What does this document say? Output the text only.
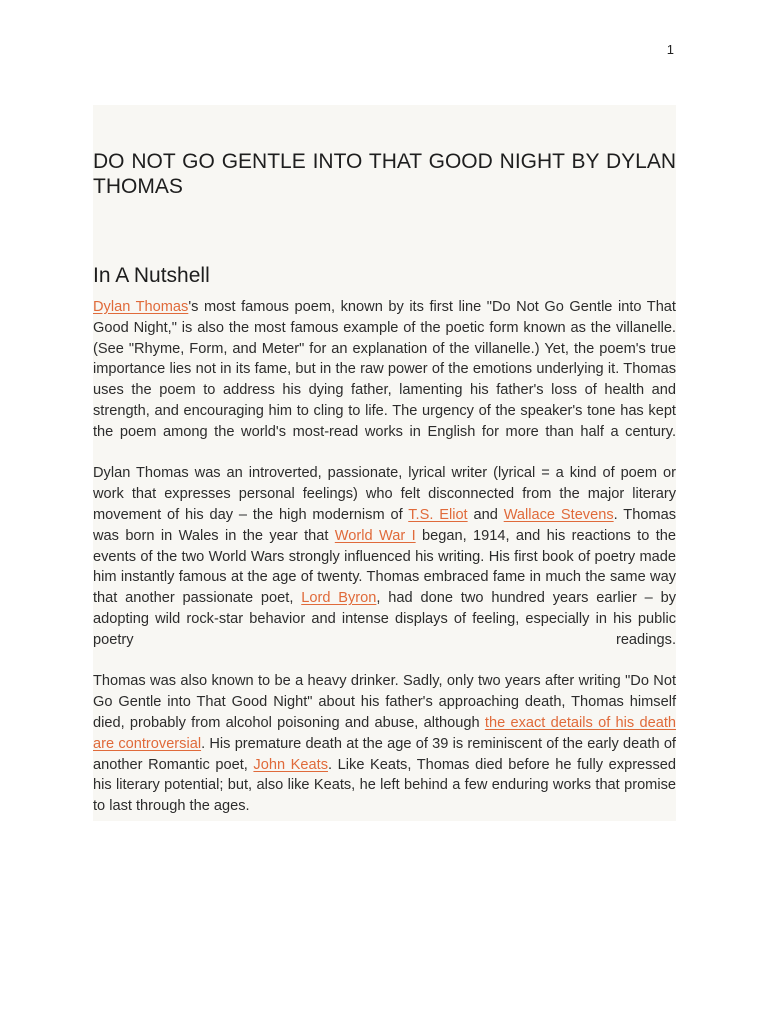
1
DO NOT GO GENTLE INTO THAT GOOD NIGHT BY DYLAN THOMAS
In A Nutshell

Dylan Thomas's most famous poem, known by its first line "Do Not Go Gentle into That Good Night," is also the most famous example of the poetic form known as the villanelle. (See "Rhyme, Form, and Meter" for an explanation of the villanelle.) Yet, the poem's true importance lies not in its fame, but in the raw power of the emotions underlying it. Thomas uses the poem to address his dying father, lamenting his father's loss of health and strength, and encouraging him to cling to life. The urgency of the speaker's tone has kept the poem among the world's most-read works in English for more than half a century.

Dylan Thomas was an introverted, passionate, lyrical writer (lyrical = a kind of poem or work that expresses personal feelings) who felt disconnected from the major literary movement of his day – the high modernism of T.S. Eliot and Wallace Stevens. Thomas was born in Wales in the year that World War I began, 1914, and his reactions to the events of the two World Wars strongly influenced his writing. His first book of poetry made him instantly famous at the age of twenty. Thomas embraced fame in much the same way that another passionate poet, Lord Byron, had done two hundred years earlier – by adopting wild rock-star behavior and intense displays of feeling, especially in his public poetry readings.

Thomas was also known to be a heavy drinker. Sadly, only two years after writing "Do Not Go Gentle into That Good Night" about his father's approaching death, Thomas himself died, probably from alcohol poisoning and abuse, although the exact details of his death are controversial. His premature death at the age of 39 is reminiscent of the early death of another Romantic poet, John Keats. Like Keats, Thomas died before he fully expressed his literary potential; but, also like Keats, he left behind a few enduring works that promise to last through the ages.
